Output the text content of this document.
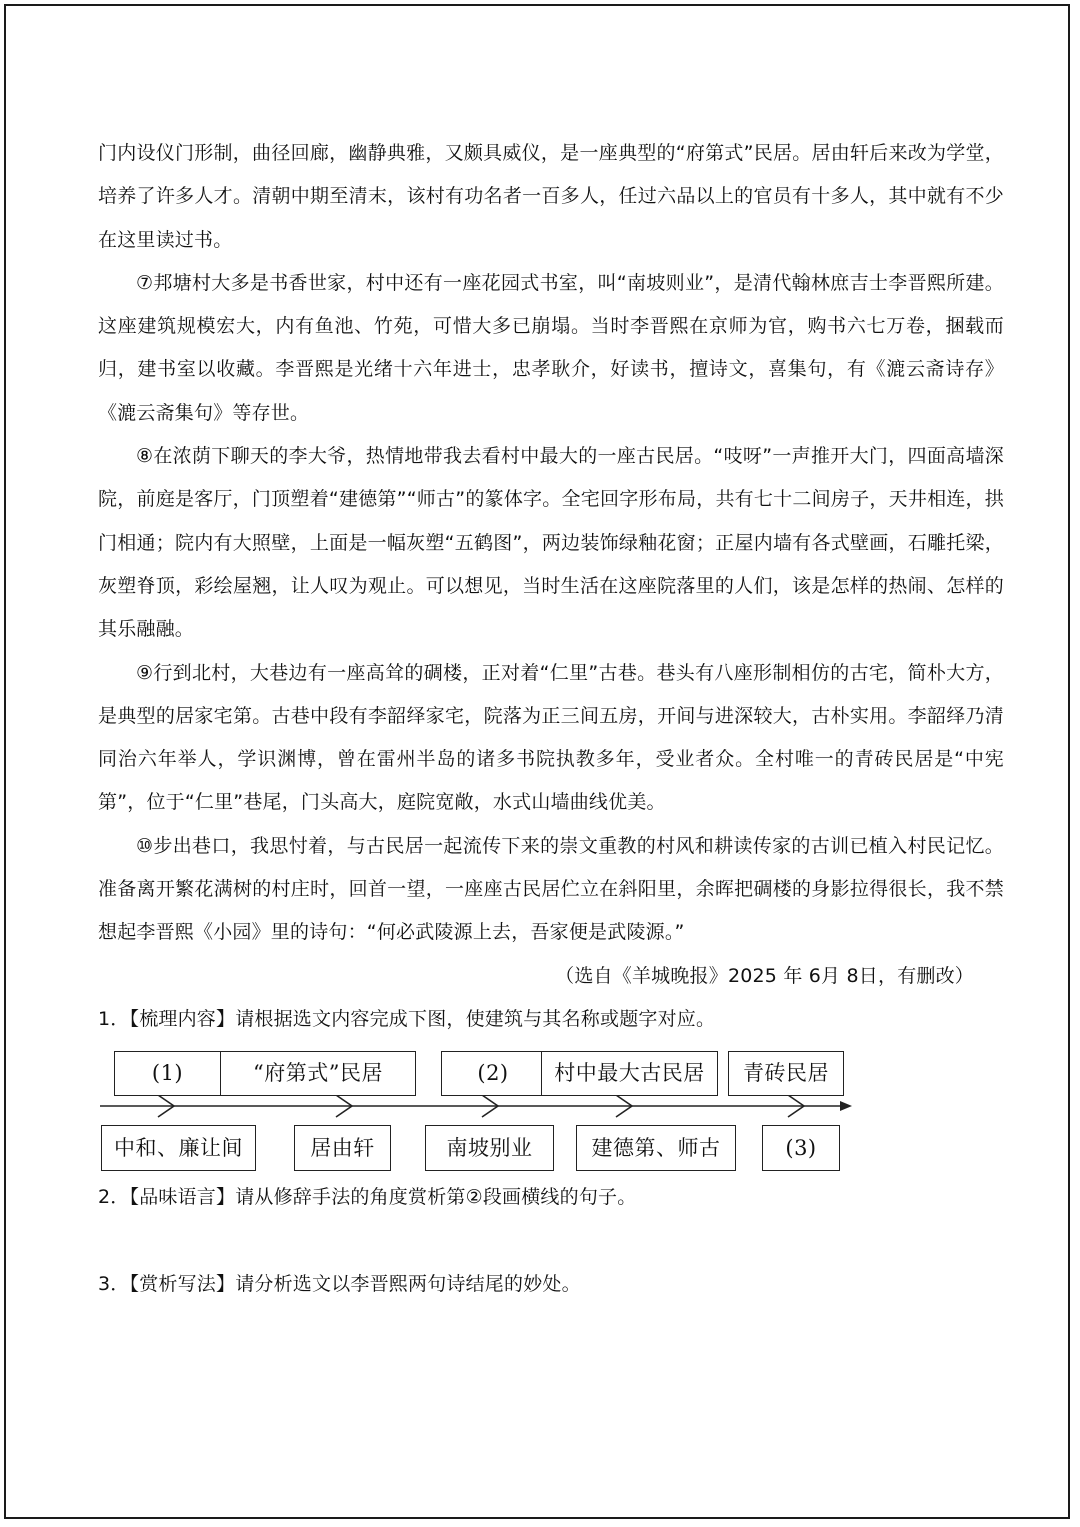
门内设仪门形制，曲径回廊，幽静典雅，又颇具威仪，是一座典型的“府第式”民居。居由轩后来改为学堂，培养了许多人才。清朝中期至清末，该村有功名者一百多人，任过六品以上的官员有十多人，其中就有不少在这里读过书。

⑦邦塘村大多是书香世家，村中还有一座花园式书室，叫“南坡则业”，是清代翰林庶吉士李晋熙所建。这座建筑规模宏大，内有鱼池、竹苑，可惜大多已崩塌。当时李晋熙在京师为官，购书六七万卷，捆载而归，建书室以收藏。李晋熙是光绪十六年进士，忠孝耿介，好读书，擅诗文，喜集句，有《漉云斋诗存》《漉云斋集句》等存世。

⑧在浓荫下聊天的李大爷，热情地带我去看村中最大的一座古民居。“吱呀”一声推开大门，四面高墙深院，前庭是客厅，门顶塑着“建德第”“师古”的篆体字。全宅回字形布局，共有七十二间房子，天井相连，拱门相通；院内有大照壁，上面是一幅灰塑“五鹤图”，两边装饰绿釉花窗；正屋内墙有各式壁画，石雕托梁，灰塑脊顶，彩绘屋翘，让人叹为观止。可以想见，当时生活在这座院落里的人们，该是怎样的热闹、怎样的其乐融融。

⑨行到北村，大巷边有一座高耸的碉楼，正对着“仁里”古巷。巷头有八座形制相仿的古宅，简朴大方，是典型的居家宅第。古巷中段有李韶绎家宅，院落为正三间五房，开间与进深较大，古朴实用。李韶绎乃清同治六年举人，学识渊博，曾在雷州半岛的诸多书院执教多年，受业者众。全村唯一的青砖民居是“中宪第”，位于“仁里”巷尾，门头高大，庭院宽敞，水式山墙曲线优美。

⑩步出巷口，我思忖着，与古民居一起流传下来的崇文重教的村风和耕读传家的古训已植入村民记忆。准备离开繁花满树的村庄时，回首一望，一座座古民居伫立在斜阳里，余晖把碉楼的身影拉得很长，我不禁想起李晋熙《小园》里的诗句：“何必武陵源上去，吾家便是武陵源。”

（选自《羊城晚报》2025 年 6月 8日，有删改）

1．【梳理内容】请根据选文内容完成下图，使建筑与其名称或题字对应。

(1)	“府第式”民居	(2)	村中最大古民居	青砖民居
中和、廉让间	居由轩	南坡别业	建德第、师古	(3)

2．【品味语言】请从修辞手法的角度赏析第②段画横线的句子。

3．【赏析写法】请分析选文以李晋熙两句诗结尾的妙处。
